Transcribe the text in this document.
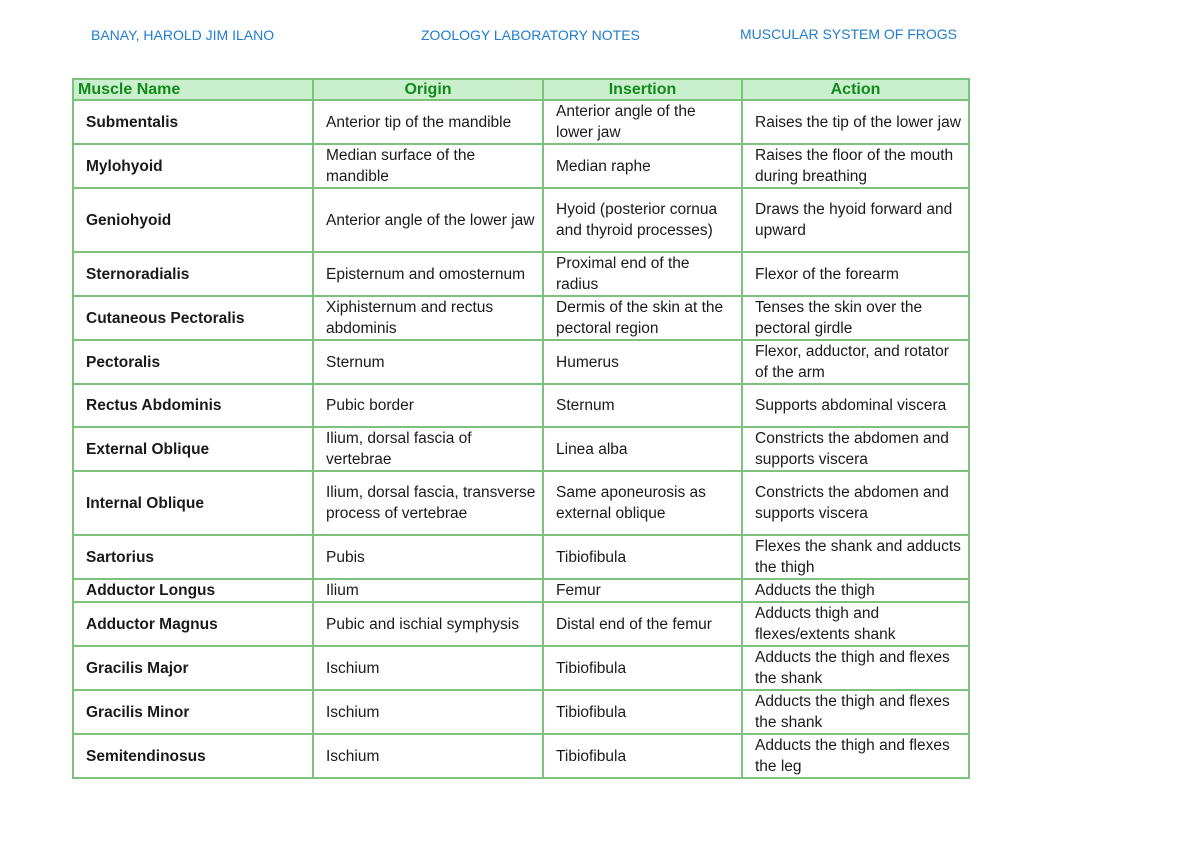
BANAY, HAROLD JIM ILANO	ZOOLOGY LABORATORY NOTES	MUSCULAR SYSTEM OF FROGS
Muscle Name	Origin	Insertion	Action
Submentalis	Anterior tip of the mandible	Anterior angle of the lower jaw	Raises the tip of the lower jaw
Mylohyoid	Median surface of the mandible	Median raphe	Raises the floor of the mouth during breathing
Geniohyoid	Anterior angle of the lower jaw	Hyoid (posterior cornua and thyroid processes)	Draws the hyoid forward and upward
Sternoradialis	Episternum and omosternum	Proximal end of the radius	Flexor of the forearm
Cutaneous Pectoralis	Xiphisternum and rectus abdominis	Dermis of the skin at the pectoral region	Tenses the skin over the pectoral girdle
Pectoralis	Sternum	Humerus	Flexor, adductor, and rotator of the arm
Rectus Abdominis	Pubic border	Sternum	Supports abdominal viscera
External Oblique	Ilium, dorsal fascia of vertebrae	Linea alba	Constricts the abdomen and supports viscera
Internal Oblique	Ilium, dorsal fascia, transverse process of vertebrae	Same aponeurosis as external oblique	Constricts the abdomen and supports viscera
Sartorius	Pubis	Tibiofibula	Flexes the shank and adducts the thigh
Adductor Longus	Ilium	Femur	Adducts the thigh
Adductor Magnus	Pubic and ischial symphysis	Distal end of the femur	Adducts thigh and flexes/extents shank
Gracilis Major	Ischium	Tibiofibula	Adducts the thigh and flexes the shank
Gracilis Minor	Ischium	Tibiofibula	Adducts the thigh and flexes the shank
Semitendinosus	Ischium	Tibiofibula	Adducts the thigh and flexes the leg
